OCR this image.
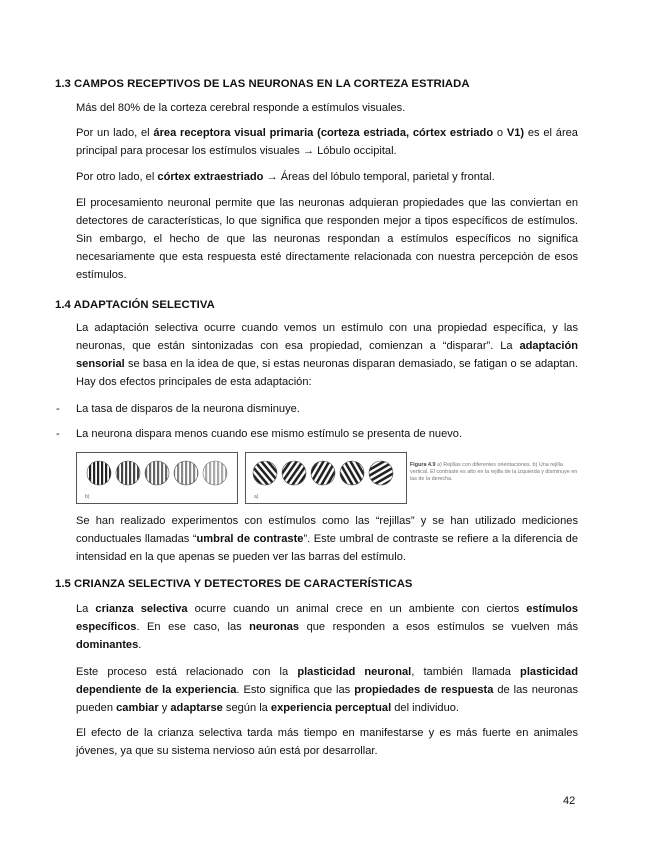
1.3 CAMPOS RECEPTIVOS DE LAS NEURONAS EN LA CORTEZA ESTRIADA

Más del 80% de la corteza cerebral responde a estímulos visuales.

Por un lado, el área receptora visual primaria (corteza estriada, córtex estriado o V1) es el área principal para procesar los estímulos visuales → Lóbulo occipital.

Por otro lado, el córtex extraestriado → Áreas del lóbulo temporal, parietal y frontal.

El procesamiento neuronal permite que las neuronas adquieran propiedades que las conviertan en detectores de características, lo que significa que responden mejor a tipos específicos de estímulos. Sin embargo, el hecho de que las neuronas respondan a estímulos específicos no significa necesariamente que esta respuesta esté directamente relacionada con nuestra percepción de esos estímulos.

1.4 ADAPTACIÓN SELECTIVA

La adaptación selectiva ocurre cuando vemos un estímulo con una propiedad específica, y las neuronas, que están sintonizadas con esa propiedad, comienzan a “disparar”. La adaptación sensorial se basa en la idea de que, si estas neuronas disparan demasiado, se fatigan o se adaptan. Hay dos efectos principales de esta adaptación:

- La tasa de disparos de la neurona disminuye.

- La neurona dispara menos cuando ese mismo estímulo se presenta de nuevo.

b)	a)
Figura 4.9 a) Rejillas con diferentes orientaciones. b) Una rejilla vertical. El contraste es alto en la rejilla de la izquierda y disminuye en las de la derecha.

Se han realizado experimentos con estímulos como las “rejillas” y se han utilizado mediciones conductuales llamadas “umbral de contraste”. Este umbral de contraste se refiere a la diferencia de intensidad en la que apenas se pueden ver las barras del estímulo.

1.5 CRIANZA SELECTIVA Y DETECTORES DE CARACTERÍSTICAS

La crianza selectiva ocurre cuando un animal crece en un ambiente con ciertos estímulos específicos. En ese caso, las neuronas que responden a esos estímulos se vuelven más dominantes.

Este proceso está relacionado con la plasticidad neuronal, también llamada plasticidad dependiente de la experiencia. Esto significa que las propiedades de respuesta de las neuronas pueden cambiar y adaptarse según la experiencia perceptual del individuo.

El efecto de la crianza selectiva tarda más tiempo en manifestarse y es más fuerte en animales jóvenes, ya que su sistema nervioso aún está por desarrollar.

42
